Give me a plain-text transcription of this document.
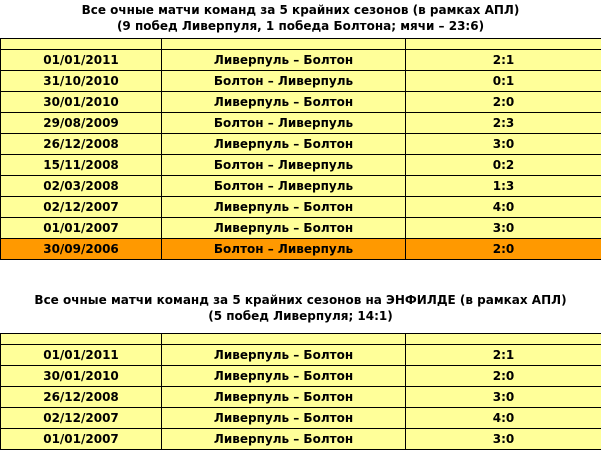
Все очные матчи команд за 5 крайних сезонов (в рамках АПЛ)
(9 побед Ливерпуля, 1 победа Болтона; мячи – 23:6)

01/01/2011	Ливерпуль – Болтон	2:1
31/10/2010	Болтон – Ливерпуль	0:1
30/01/2010	Ливерпуль – Болтон	2:0
29/08/2009	Болтон – Ливерпуль	2:3
26/12/2008	Ливерпуль – Болтон	3:0
15/11/2008	Болтон – Ливерпуль	0:2
02/03/2008	Болтон – Ливерпуль	1:3
02/12/2007	Ливерпуль – Болтон	4:0
01/01/2007	Ливерпуль – Болтон	3:0
30/09/2006	Болтон – Ливерпуль	2:0
Все очные матчи команд за 5 крайних сезонов на ЭНФИЛДЕ (в рамках АПЛ)
(5 побед Ливерпуля; 14:1)

01/01/2011	Ливерпуль – Болтон	2:1
30/01/2010	Ливерпуль – Болтон	2:0
26/12/2008	Ливерпуль – Болтон	3:0
02/12/2007	Ливерпуль – Болтон	4:0
01/01/2007	Ливерпуль – Болтон	3:0
